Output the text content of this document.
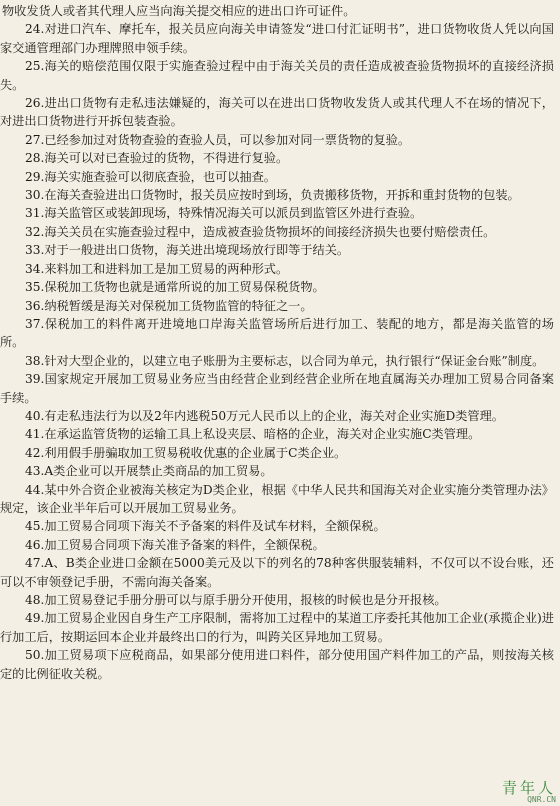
物收发货人或者其代理人应当向海关提交相应的进出口许可证件。
24.对进口汽车、摩托车，报关员应向海关申请签发“进口付汇证明书”，进口货物收货人凭以向国家交通管理部门办理牌照申领手续。
25.海关的赔偿范围仅限于实施查验过程中由于海关关员的责任造成被查验货物损坏的直接经济损失。
26.进出口货物有走私违法嫌疑的，海关可以在进出口货物收发货人或其代理人不在场的情况下，对进出口货物进行开拆包装查验。
27.已经参加过对货物查验的查验人员，可以参加对同一票货物的复验。
28.海关可以对已查验过的货物，不得进行复验。
29.海关实施查验可以彻底查验，也可以抽查。
30.在海关查验进出口货物时，报关员应按时到场，负责搬移货物，开拆和重封货物的包装。
31.海关监管区或装卸现场，特殊情况海关可以派员到监管区外进行查验。
32.海关关员在实施查验过程中，造成被查验货物损坏的间接经济损失也要付赔偿责任。
33.对于一般进出口货物，海关进出境现场放行即等于结关。
34.来料加工和进料加工是加工贸易的两种形式。
35.保税加工货物也就是通常所说的加工贸易保税货物。
36.纳税暂缓是海关对保税加工货物监管的特征之一。
37.保税加工的料件离开进境地口岸海关监管场所后进行加工、装配的地方，都是海关监管的场所。
38.针对大型企业的，以建立电子账册为主要标志，以合同为单元，执行银行“保证金台账”制度。
39.国家规定开展加工贸易业务应当由经营企业到经营企业所在地直属海关办理加工贸易合同备案手续。
40.有走私违法行为以及2年内逃税50万元人民币以上的企业，海关对企业实施D类管理。
41.在承运监管货物的运输工具上私设夹层、暗格的企业，海关对企业实施C类管理。
42.利用假手册骗取加工贸易税收优惠的企业属于C类企业。
43.A类企业可以开展禁止类商品的加工贸易。
44.某中外合资企业被海关核定为D类企业，根据《中华人民共和国海关对企业实施分类管理办法》规定，该企业半年后可以开展加工贸易业务。
45.加工贸易合同项下海关不予备案的料件及试车材料，全额保税。
46.加工贸易合同项下海关准予备案的料件，全额保税。
47.A、B类企业进口金额在5000美元及以下的列名的78种客供服装辅料，不仅可以不设台账，还可以不审领登记手册，不需向海关备案。
48.加工贸易登记手册分册可以与原手册分开使用，报核的时候也是分开报核。
49.加工贸易企业因自身生产工序限制，需将加工过程中的某道工序委托其他加工企业(承揽企业)进行加工后，按期运回本企业并最终出口的行为，叫跨关区异地加工贸易。
50.加工贸易项下应税商品，如果部分使用进口料件，部分使用国产料件加工的产品，则按海关核定的比例征收关税。
青年人
QNR.CN
